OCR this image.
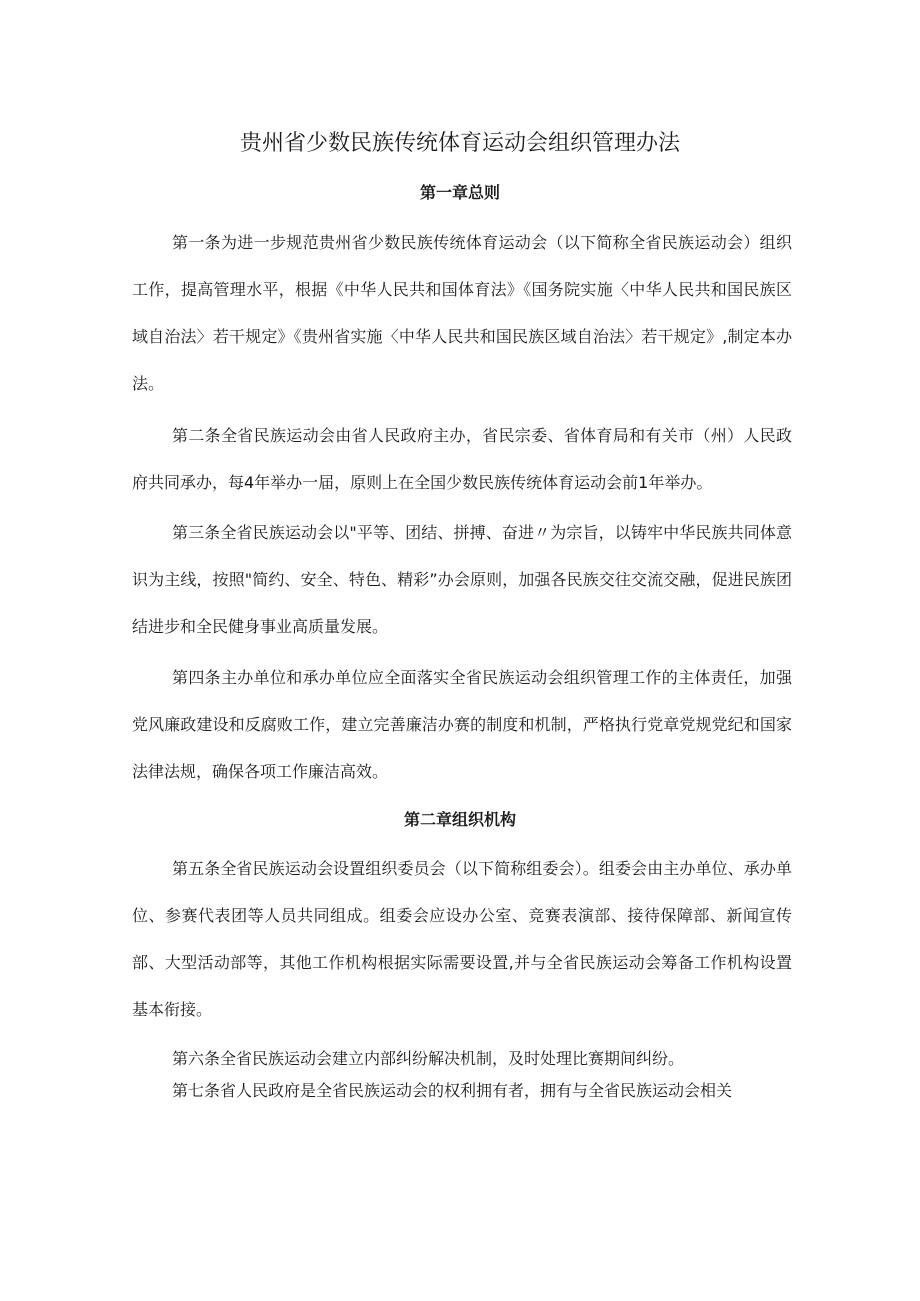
贵州省少数民族传统体育运动会组织管理办法
第一章总则

第一条为进一步规范贵州省少数民族传统体育运动会（以下简称全省民族运动会）组织工作，提高管理水平，根据《中华人民共和国体育法》《国务院实施〈中华人民共和国民族区域自治法〉若干规定》《贵州省实施〈中华人民共和国民族区域自治法〉若干规定》,制定本办法。

第二条全省民族运动会由省人民政府主办，省民宗委、省体育局和有关市（州）人民政府共同承办，每4年举办一届，原则上在全国少数民族传统体育运动会前1年举办。

第三条全省民族运动会以"平等、团结、拼搏、奋进〃为宗旨，以铸牢中华民族共同体意识为主线，按照"简约、安全、特色、精彩”办会原则，加强各民族交往交流交融，促进民族团结进步和全民健身事业高质量发展。

第四条主办单位和承办单位应全面落实全省民族运动会组织管理工作的主体责任，加强党风廉政建设和反腐败工作，建立完善廉洁办赛的制度和机制，严格执行党章党规党纪和国家法律法规，确保各项工作廉洁高效。

第二章组织机构

第五条全省民族运动会设置组织委员会（以下简称组委会）。组委会由主办单位、承办单位、参赛代表团等人员共同组成。组委会应设办公室、竞赛表演部、接待保障部、新闻宣传部、大型活动部等，其他工作机构根据实际需要设置,并与全省民族运动会筹备工作机构设置基本衔接。

第六条全省民族运动会建立内部纠纷解决机制，及时处理比赛期间纠纷。

第七条省人民政府是全省民族运动会的权利拥有者，拥有与全省民族运动会相关
